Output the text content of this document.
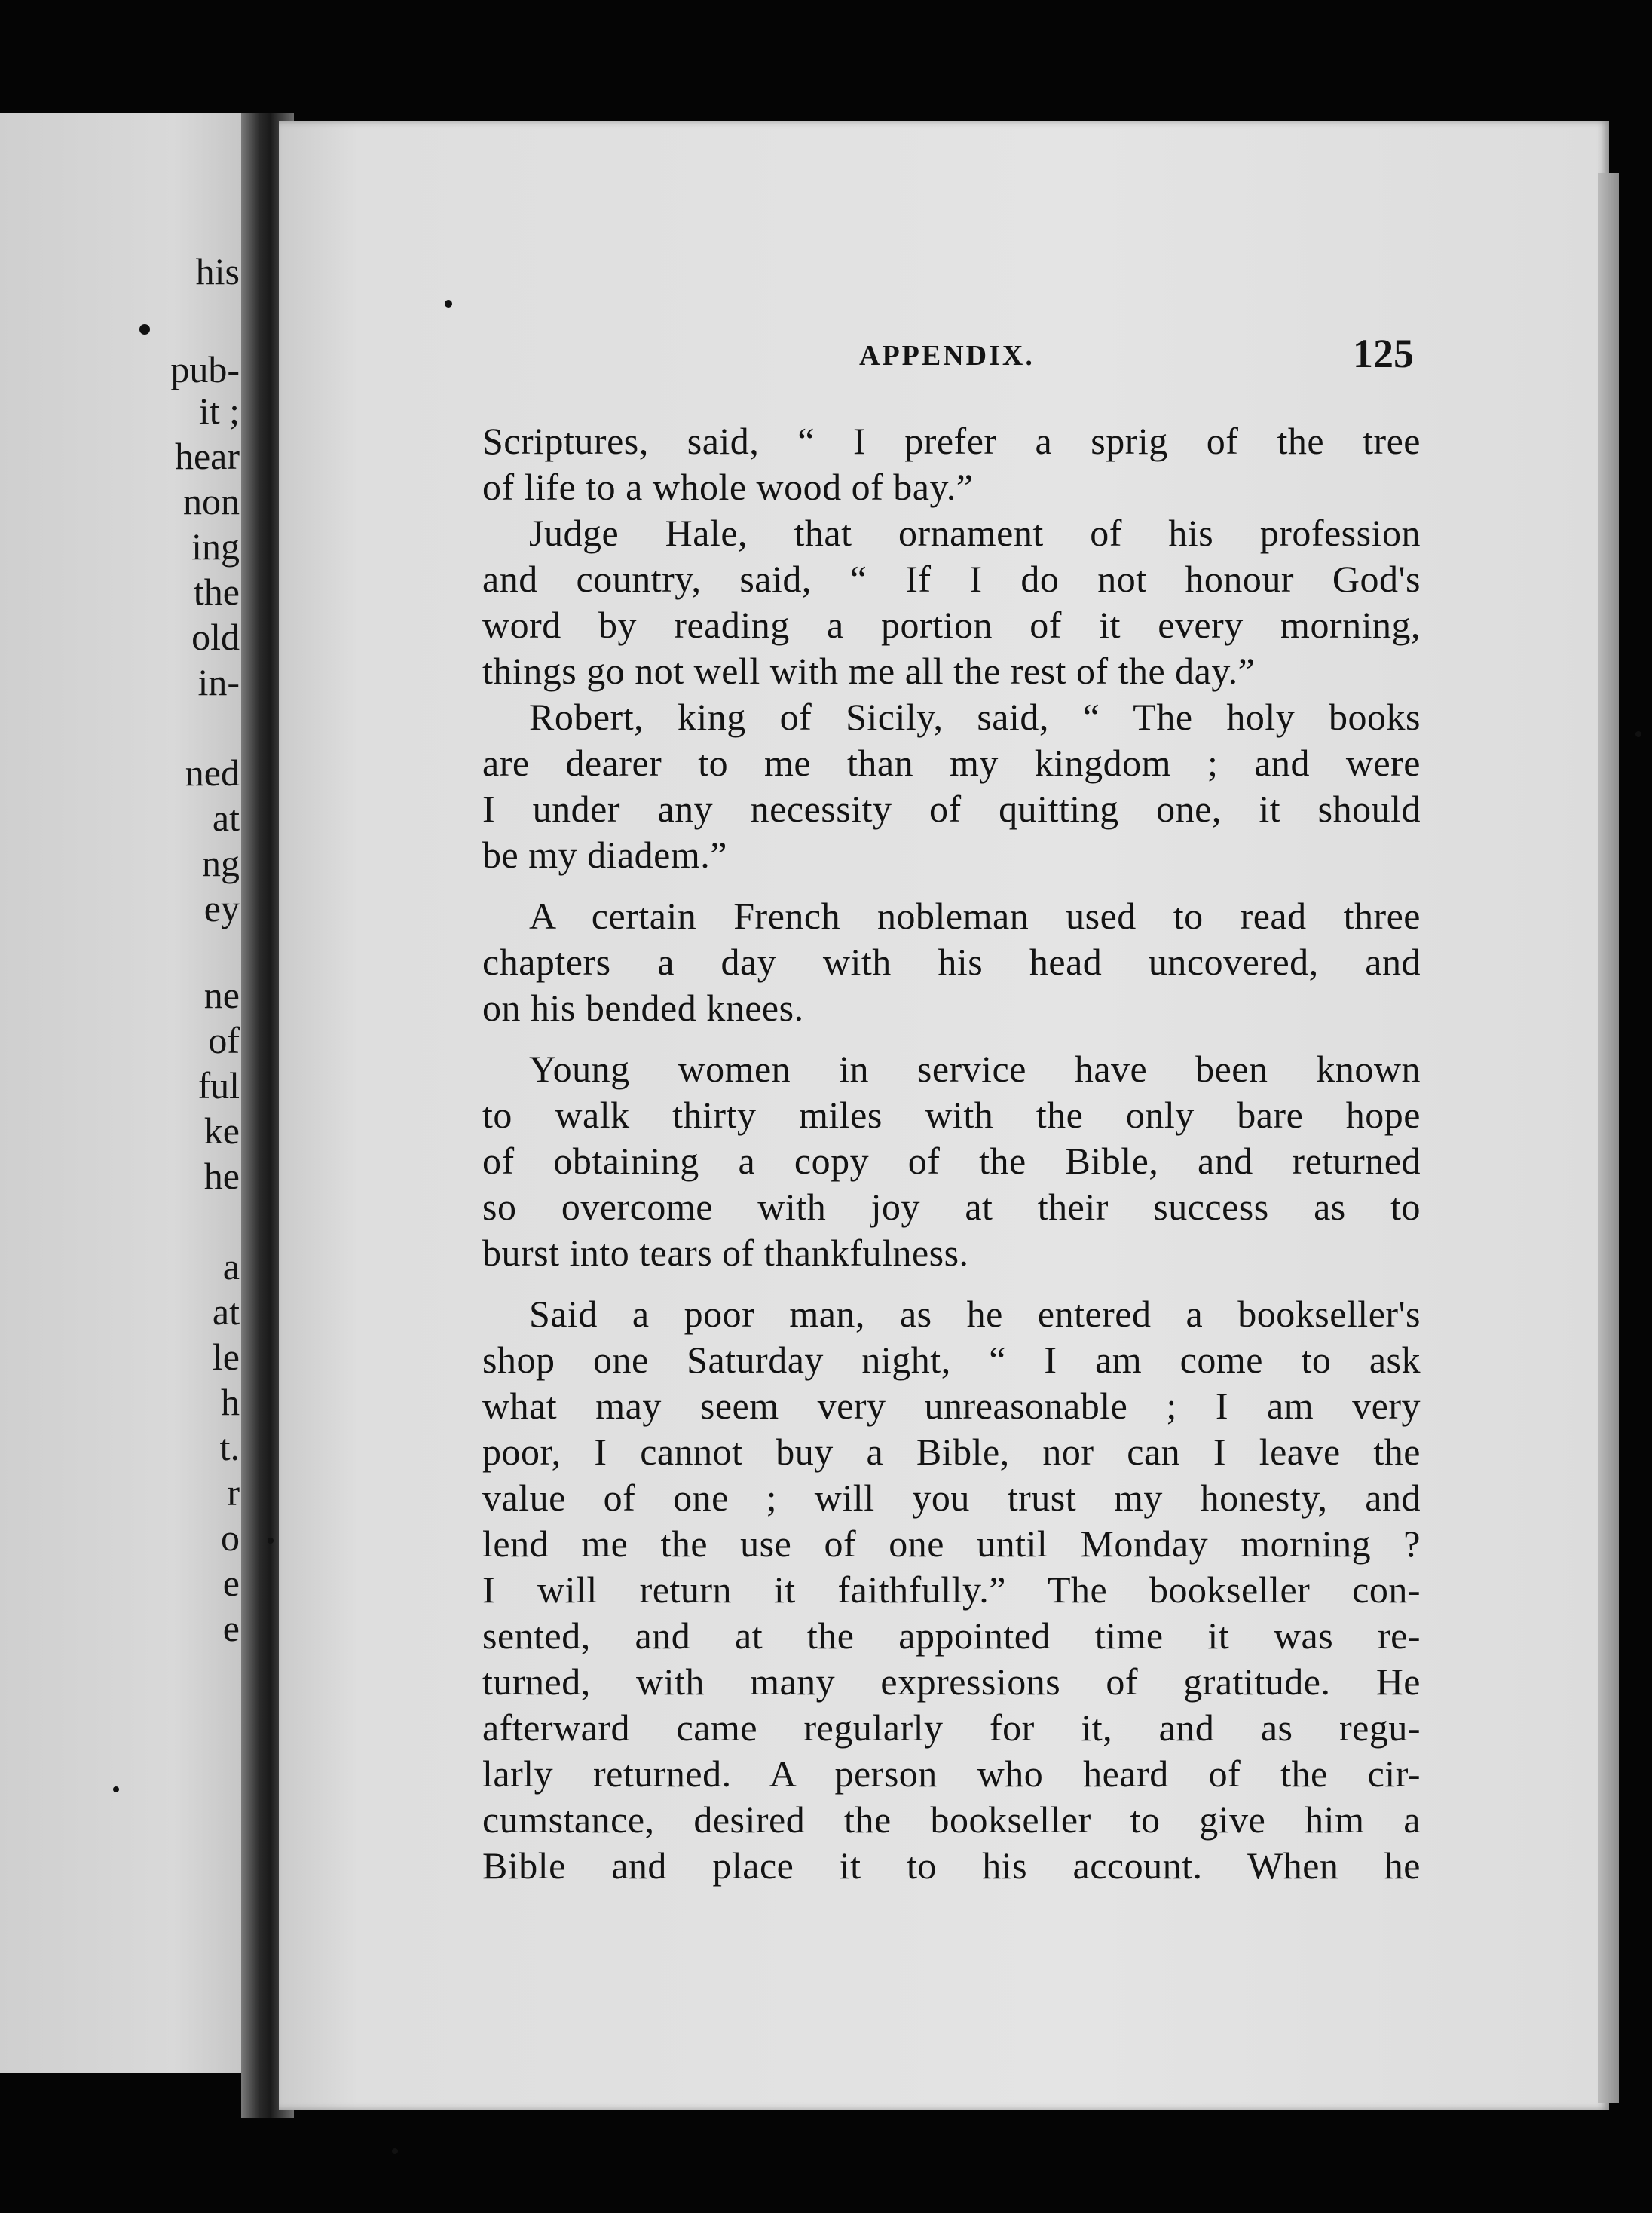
his
pub-
it ;
hear
non
ing
the
old
in-
ned
at
ng
ey
ne
of
ful
ke
he
a
at
le
h
t.
r
o
e
e
APPENDIX.	125
Scriptures, said, “ I prefer a sprig of the tree
of life to a whole wood of bay.”
Judge Hale, that ornament of his profession
and country, said, “ If I do not honour God's
word by reading a portion of it every morning,
things go not well with me all the rest of the day.”
Robert, king of Sicily, said, “ The holy books
are dearer to me than my kingdom ; and were
I under any necessity of quitting one, it should
be my diadem.”
A certain French nobleman used to read three
chapters a day with his head uncovered, and
on his bended knees.
Young women in service have been known
to walk thirty miles with the only bare hope
of obtaining a copy of the Bible, and returned
so overcome with joy at their success as to
burst into tears of thankfulness.
Said a poor man, as he entered a bookseller's
shop one Saturday night, “ I am come to ask
what may seem very unreasonable ; I am very
poor, I cannot buy a Bible, nor can I leave the
value of one ; will you trust my honesty, and
lend me the use of one until Monday morning ?
I will return it faithfully.” The bookseller con-
sented, and at the appointed time it was re-
turned, with many expressions of gratitude. He
afterward came regularly for it, and as regu-
larly returned. A person who heard of the cir-
cumstance, desired the bookseller to give him a
Bible and place it to his account. When he
